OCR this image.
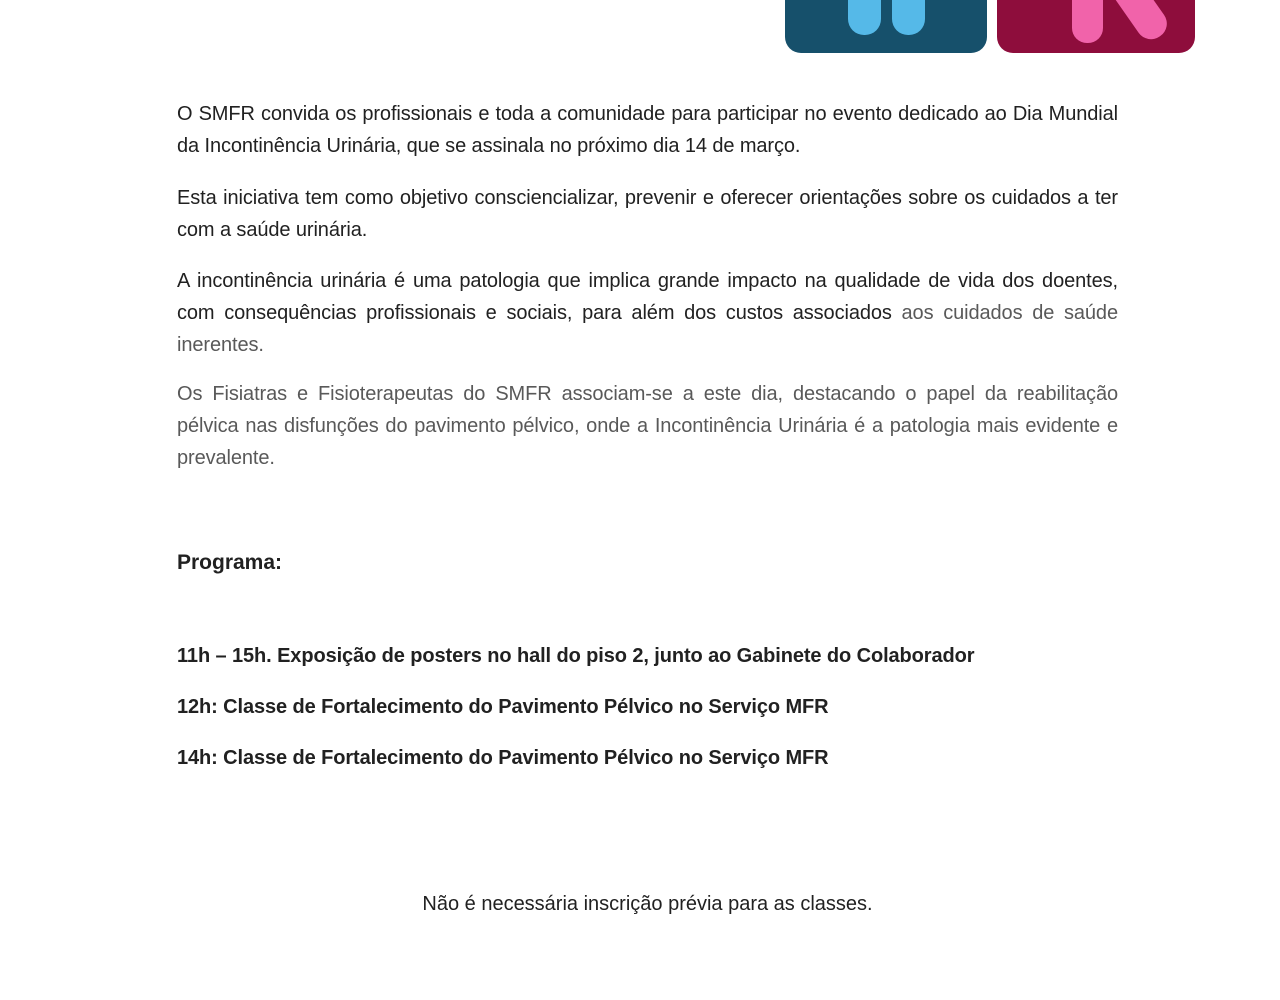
O SMFR convida os profissionais e toda a comunidade para participar no evento dedicado ao Dia Mundial da Incontinência Urinária, que se assinala no próximo dia 14 de março.

Esta iniciativa tem como objetivo consciencializar, prevenir e oferecer orientações sobre os cuidados a ter com a saúde urinária.

A incontinência urinária é uma patologia que implica grande impacto na qualidade de vida dos doentes, com consequências profissionais e sociais, para além dos custos associados aos cuidados de saúde inerentes.

Os Fisiatras e Fisioterapeutas do SMFR associam-se a este dia, destacando o papel da reabilitação pélvica nas disfunções do pavimento pélvico, onde a Incontinência Urinária é a patologia mais evidente e prevalente.

Programa:

11h – 15h. Exposição de posters no hall do piso 2, junto ao Gabinete do Colaborador

12h: Classe de Fortalecimento do Pavimento Pélvico no Serviço MFR

14h: Classe de Fortalecimento do Pavimento Pélvico no Serviço MFR

Não é necessária inscrição prévia para as classes.
